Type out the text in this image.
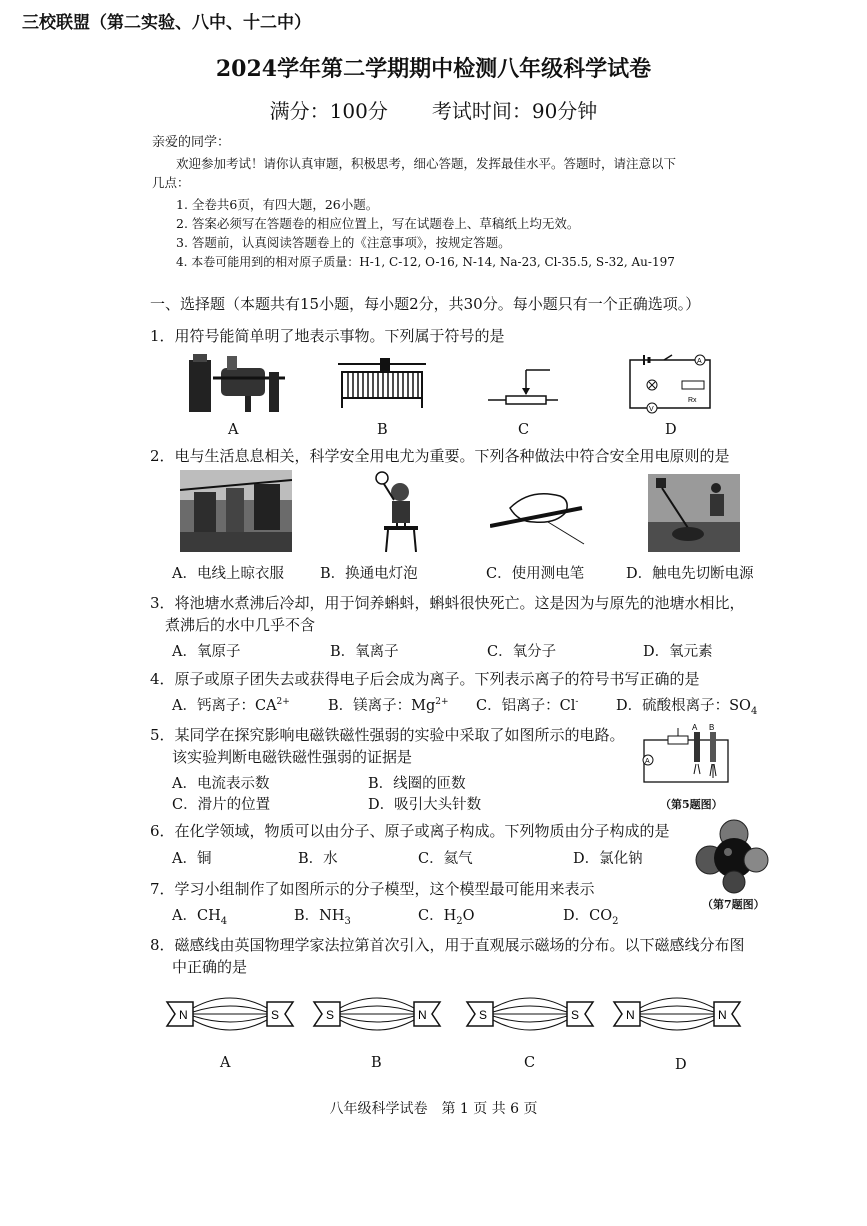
三校联盟（第二实验、八中、十二中）
2024学年第二学期期中检测八年级科学试卷
满分：100分 考试时间：90分钟
亲爱的同学：
欢迎参加考试！请你认真审题，积极思考，细心答题，发挥最佳水平。答题时，请注意以下
几点：
1. 全卷共6页，有四大题，26小题。
2. 答案必须写在答题卷的相应位置上，写在试题卷上、草稿纸上均无效。
3. 答题前，认真阅读答题卷上的《注意事项》，按规定答题。
4. 本卷可能用到的相对原子质量：H-1, C-12, O-16, N-14, Na-23, Cl-35.5, S-32, Au-197
一、选择题（本题共有15小题，每小题2分，共30分。每小题只有一个正确选项。）
1．用符号能简单明了地表示事物。下列属于符号的是
A	B	C
A
Rx
V
D
2．电与生活息息相关，科学安全用电尤为重要。下列各种做法中符合安全用电原则的是
A．电线上晾衣服 B．换通电灯泡	C．使用测电笔	D．触电先切断电源
3．将池塘水煮沸后冷却，用于饲养蝌蚪，蝌蚪很快死亡。这是因为与原先的池塘水相比，
煮沸后的水中几乎不含
A．氧原子	B．氧离子	C．氧分子	D．氧元素
4．原子或原子团失去或获得电子后会成为离子。下列表示离子的符号书写正确的是
A．钙离子：$CA^{2+}$	B．镁离子：$Mg^{2+}$ C．铝离子：Cl-	D．硫酸根离子：$SO_4$
5．某同学在探究影响电磁铁磁性强弱的实验中采取了如图所示的电路。
该实验判断电磁铁磁性强弱的证据是
A．电流表示数	B．线圈的匝数
C．滑片的位置	D．吸引大头针数
A
A B
（第5题图）
6．在化学领域，物质可以由分子、原子或离子构成。下列物质由分子构成的是
A．铜	B．水	C．氦气	D．氯化钠
7．学习小组制作了如图所示的分子模型，这个模型最可能用来表示
A．$CH_4$	B．$NH_3$	C．$H_2O$	D．$CO_2$
（第7题图）
8．磁感线由英国物理学家法拉第首次引入，用于直观展示磁场的分布。以下磁感线分布图
中正确的是
N	S
A
S	N
B
S	S
C
N	N
D
八年级科学试卷　第 1 页 共 6 页
